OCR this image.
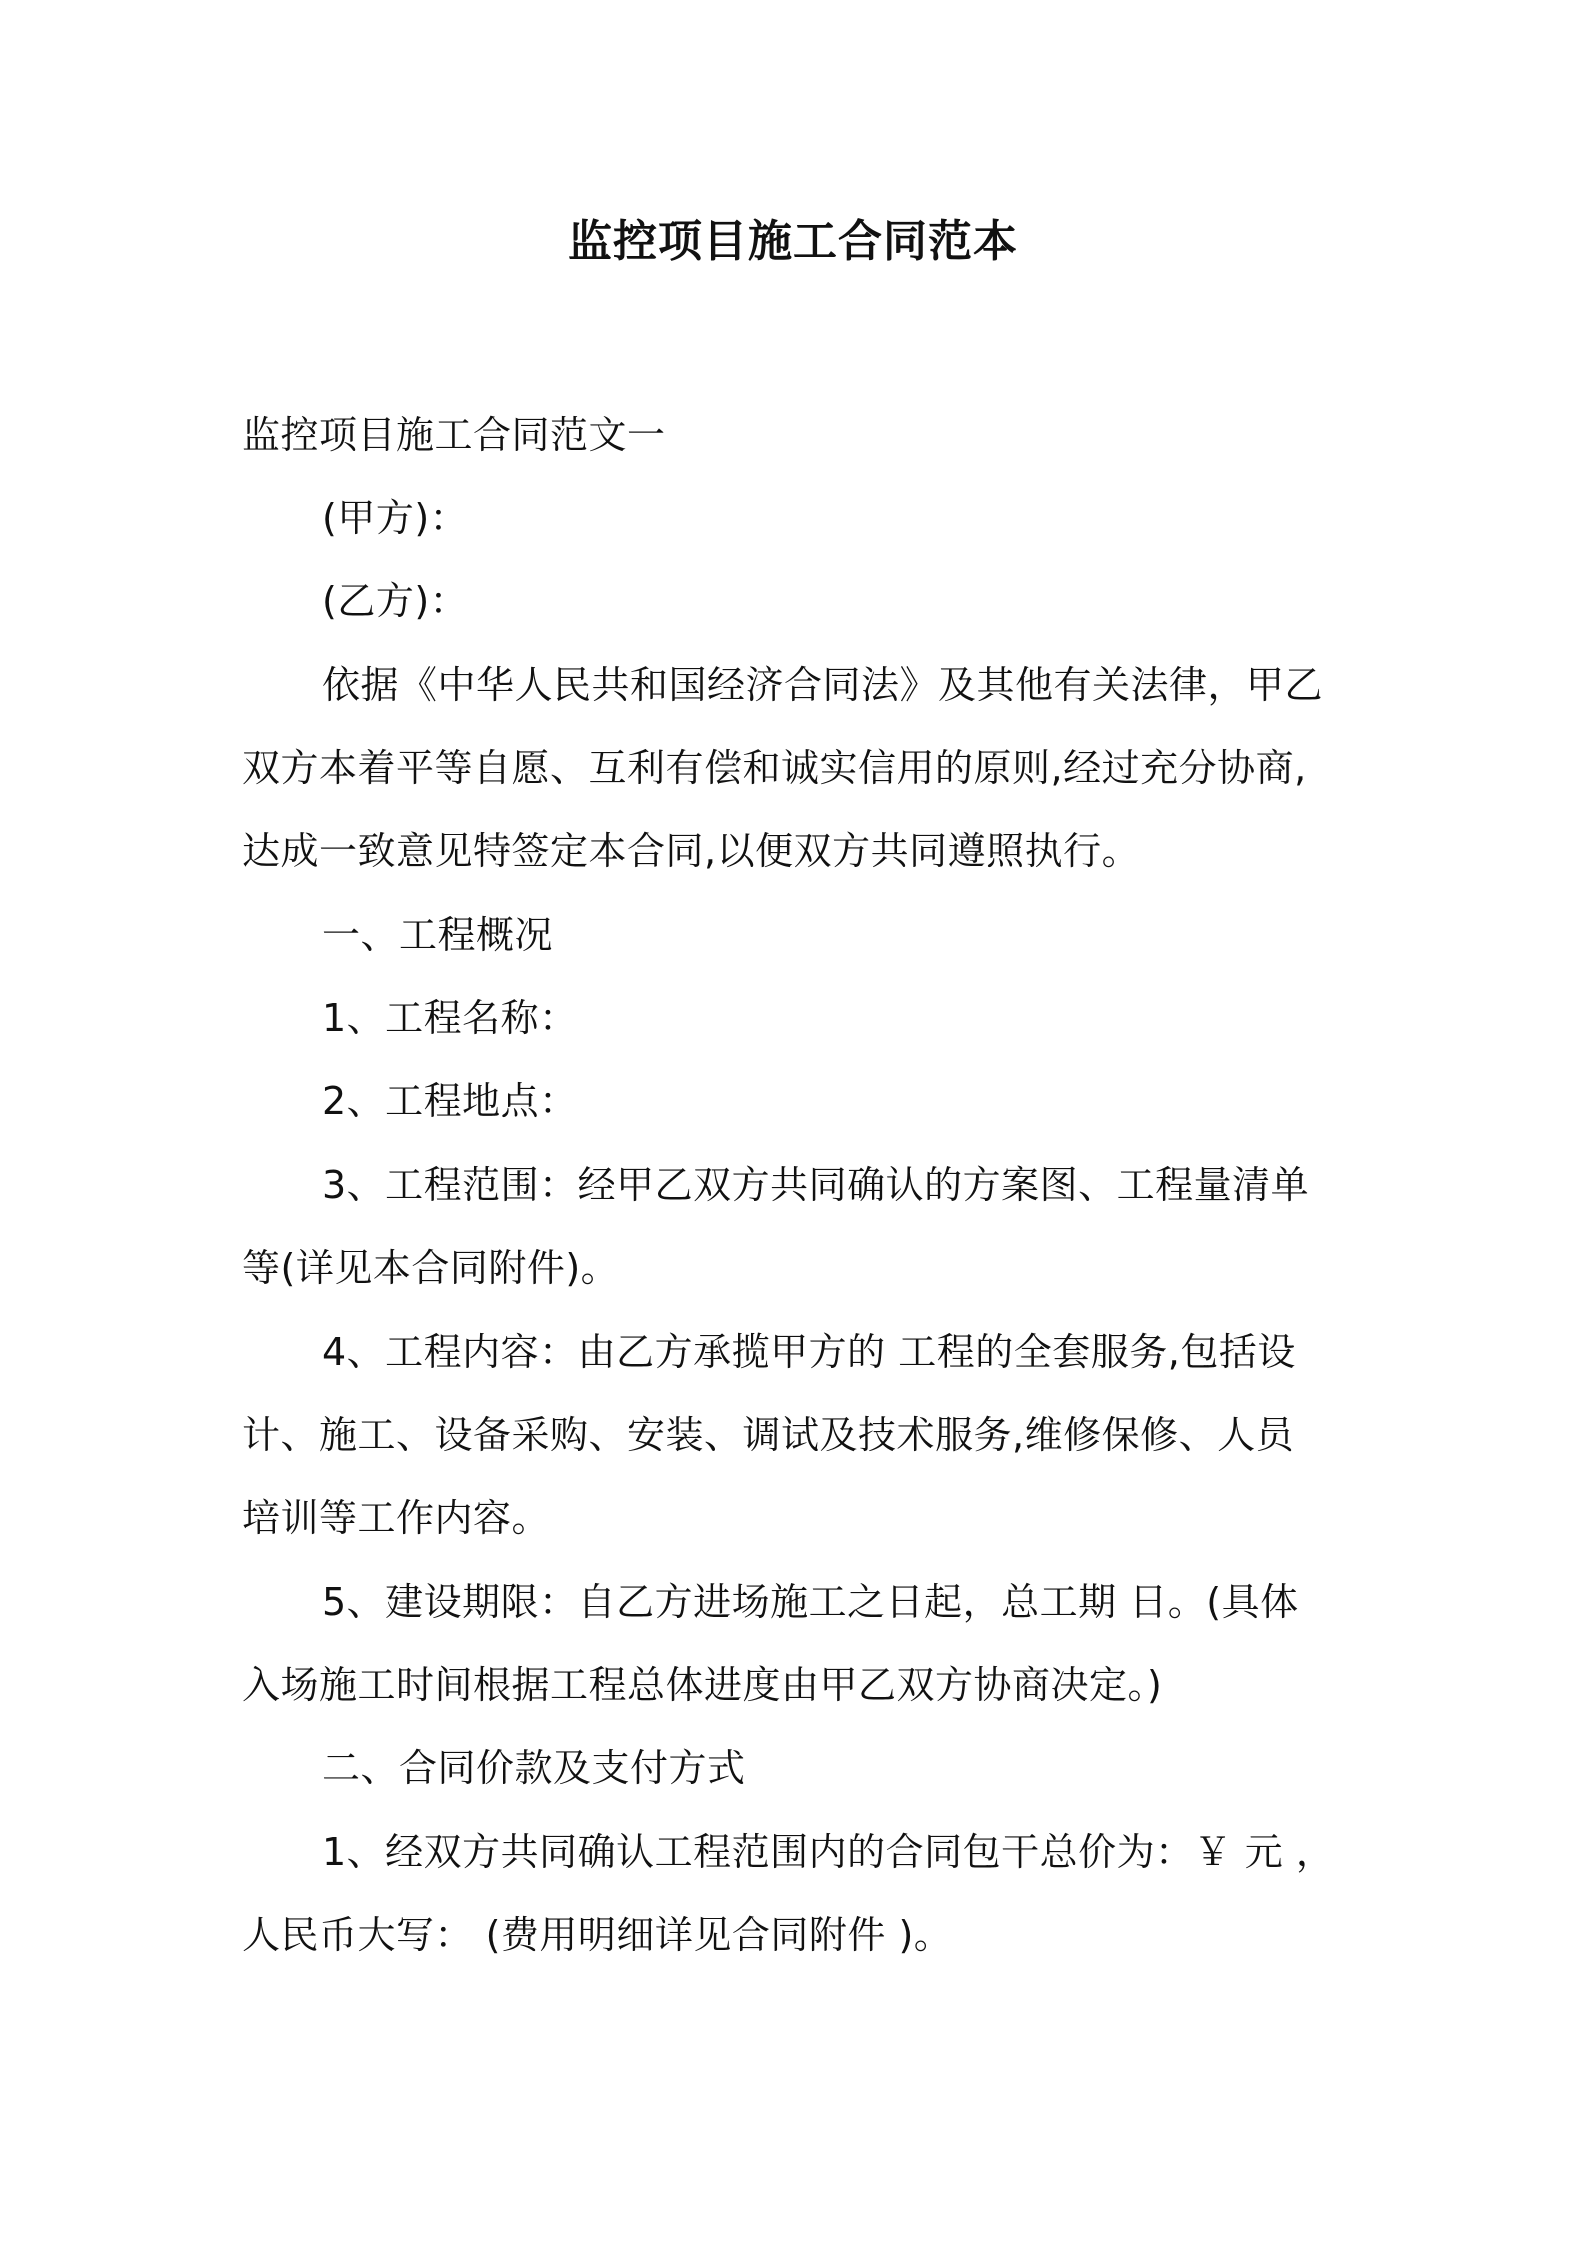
监控项目施工合同范本
监控项目施工合同范文一
(甲方)：
(乙方)：
依据《中华人民共和国经济合同法》及其他有关法律，甲乙
双方本着平等自愿、互利有偿和诚实信用的原则,经过充分协商,
达成一致意见特签定本合同,以便双方共同遵照执行。
一、工程概况
1、工程名称：
2、工程地点：
3、工程范围：经甲乙双方共同确认的方案图、工程量清单
等(详见本合同附件)。
4、工程内容：由乙方承揽甲方的 工程的全套服务,包括设
计、施工、设备采购、安装、调试及技术服务,维修保修、人员
培训等工作内容。
5、建设期限：自乙方进场施工之日起，总工期 日。(具体
入场施工时间根据工程总体进度由甲乙双方协商决定。)
二、合同价款及支付方式
1、经双方共同确认工程范围内的合同包干总价为：￥ 元 ，
人民币大写： (费用明细详见合同附件 )。
